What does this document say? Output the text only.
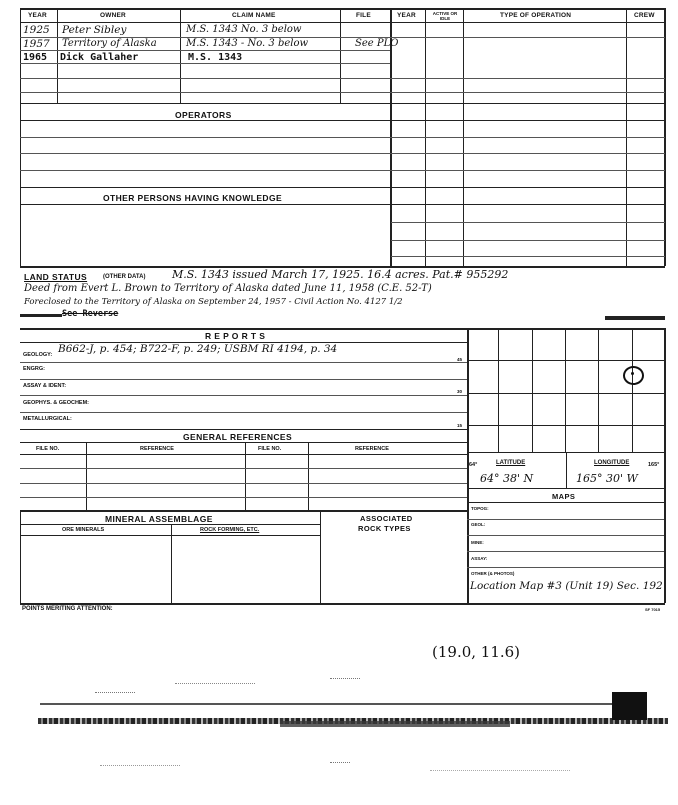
YEAR	OWNER	CLAIM NAME	FILE	YEAR	ACTIVE OR IDLE	TYPE OF OPERATION	CREW
1925 Peter Sibley	M.S. 1343 No. 3 below
1957 Territory of Alaska	M.S. 1343 - No. 3 below	See PLO
1965 Dick Gallaher	M.S. 1343
OPERATORS
OTHER PERSONS HAVING KNOWLEDGE
LAND STATUS	(OTHER DATA) M.S. 1343 issued March 17, 1925. 16.4 acres. Pat.# 955292
Deed from Evert L. Brown to Territory of Alaska dated June 11, 1958 (C.E. 52-T)
Foreclosed to the Territory of Alaska on September 24, 1957 - Civil Action No. 4127 1/2
See Reverse
R E P O R T S
GEOLOGY: B662-J, p. 454; B722-F, p. 249; USBM RI 4194, p. 34
ENGRG:
ASSAY & IDENT:
GEOPHYS. & GEOCHEM:
METALLURGICAL:
45
30
15
GENERAL REFERENCES
FILE NO.	REFERENCE	FILE NO.	REFERENCE
64°	LATITUDE	LONGITUDE	165°
64° 38' N	165° 30' W
MAPS
TOPOG:
GEOL:
MINE:
ASSAY:
OTHER (& PHOTOS)
Location Map #3 (Unit 19) Sec. 192
MINERAL ASSEMBLAGE
ORE MINERALS	ROCK FORMING, ETC.
ASSOCIATED
ROCK TYPES
POINTS MERITING ATTENTION:	SF 7015
(19.0, 11.6)
